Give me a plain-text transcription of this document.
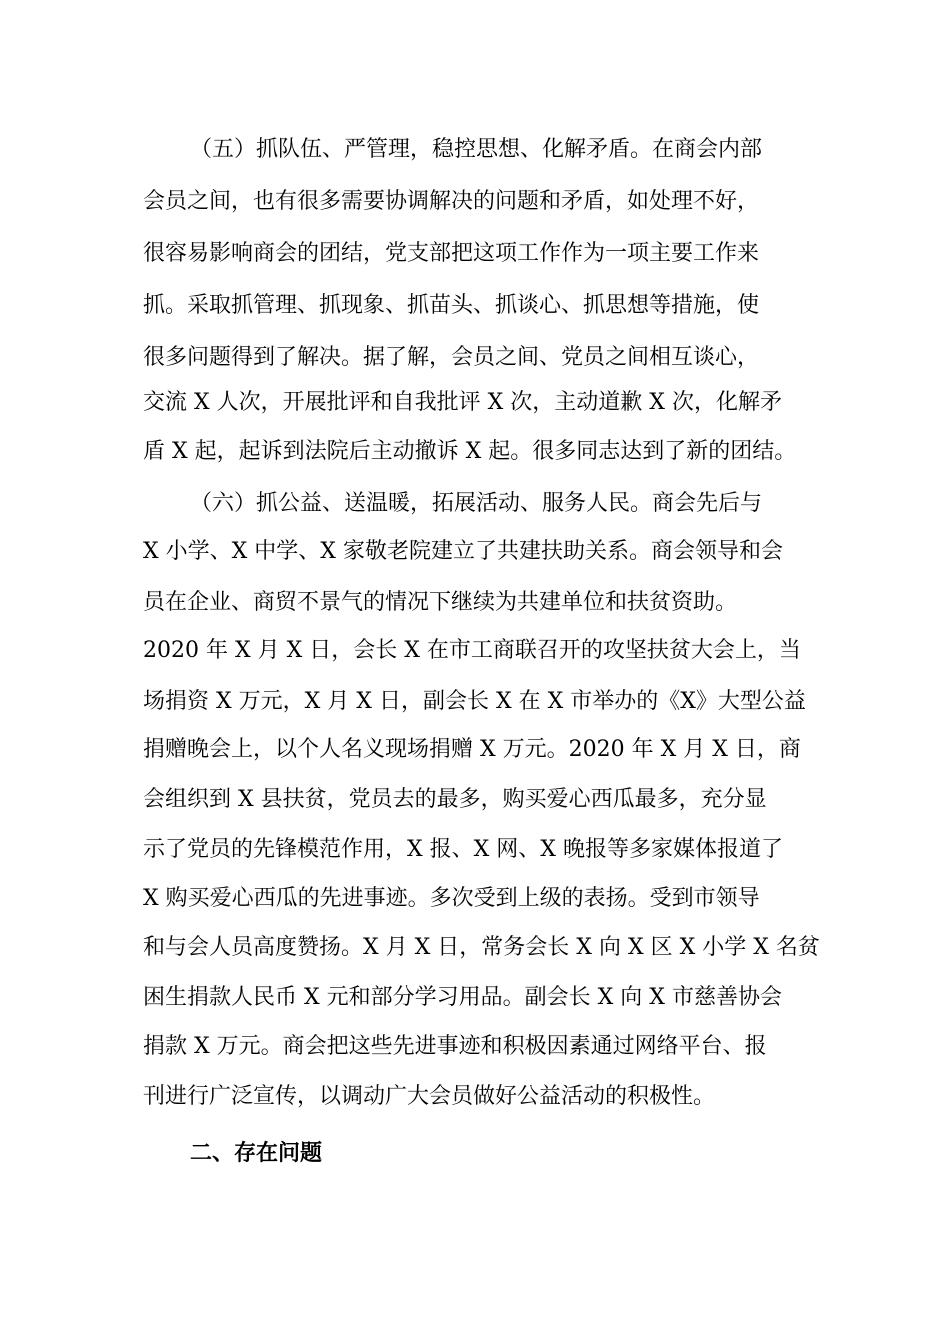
（五）抓队伍、严管理，稳控思想、化解矛盾。在商会内部
会员之间，也有很多需要协调解决的问题和矛盾，如处理不好，
很容易影响商会的团结，党支部把这项工作作为一项主要工作来
抓。采取抓管理、抓现象、抓苗头、抓谈心、抓思想等措施，使
很多问题得到了解决。据了解，会员之间、党员之间相互谈心，
交流 X 人次，开展批评和自我批评 X 次，主动道歉 X 次，化解矛
盾 X 起，起诉到法院后主动撤诉 X 起。很多同志达到了新的团结。
（六）抓公益、送温暖，拓展活动、服务人民。商会先后与
X 小学、X 中学、X 家敬老院建立了共建扶助关系。商会领导和会
员在企业、商贸不景气的情况下继续为共建单位和扶贫资助。
2020 年 X 月 X 日，会长 X 在市工商联召开的攻坚扶贫大会上，当
场捐资 X 万元，X 月 X 日，副会长 X 在 X 市举办的《X》大型公益
捐赠晚会上，以个人名义现场捐赠 X 万元。2020 年 X 月 X 日，商
会组织到 X 县扶贫，党员去的最多，购买爱心西瓜最多，充分显
示了党员的先锋模范作用，X 报、X 网、X 晚报等多家媒体报道了
X 购买爱心西瓜的先进事迹。多次受到上级的表扬。受到市领导
和与会人员高度赞扬。X 月 X 日，常务会长 X 向 X 区 X 小学 X 名贫
困生捐款人民币 X 元和部分学习用品。副会长 X 向 X 市慈善协会
捐款 X 万元。商会把这些先进事迹和积极因素通过网络平台、报
刊进行广泛宣传，以调动广大会员做好公益活动的积极性。
二、存在问题
